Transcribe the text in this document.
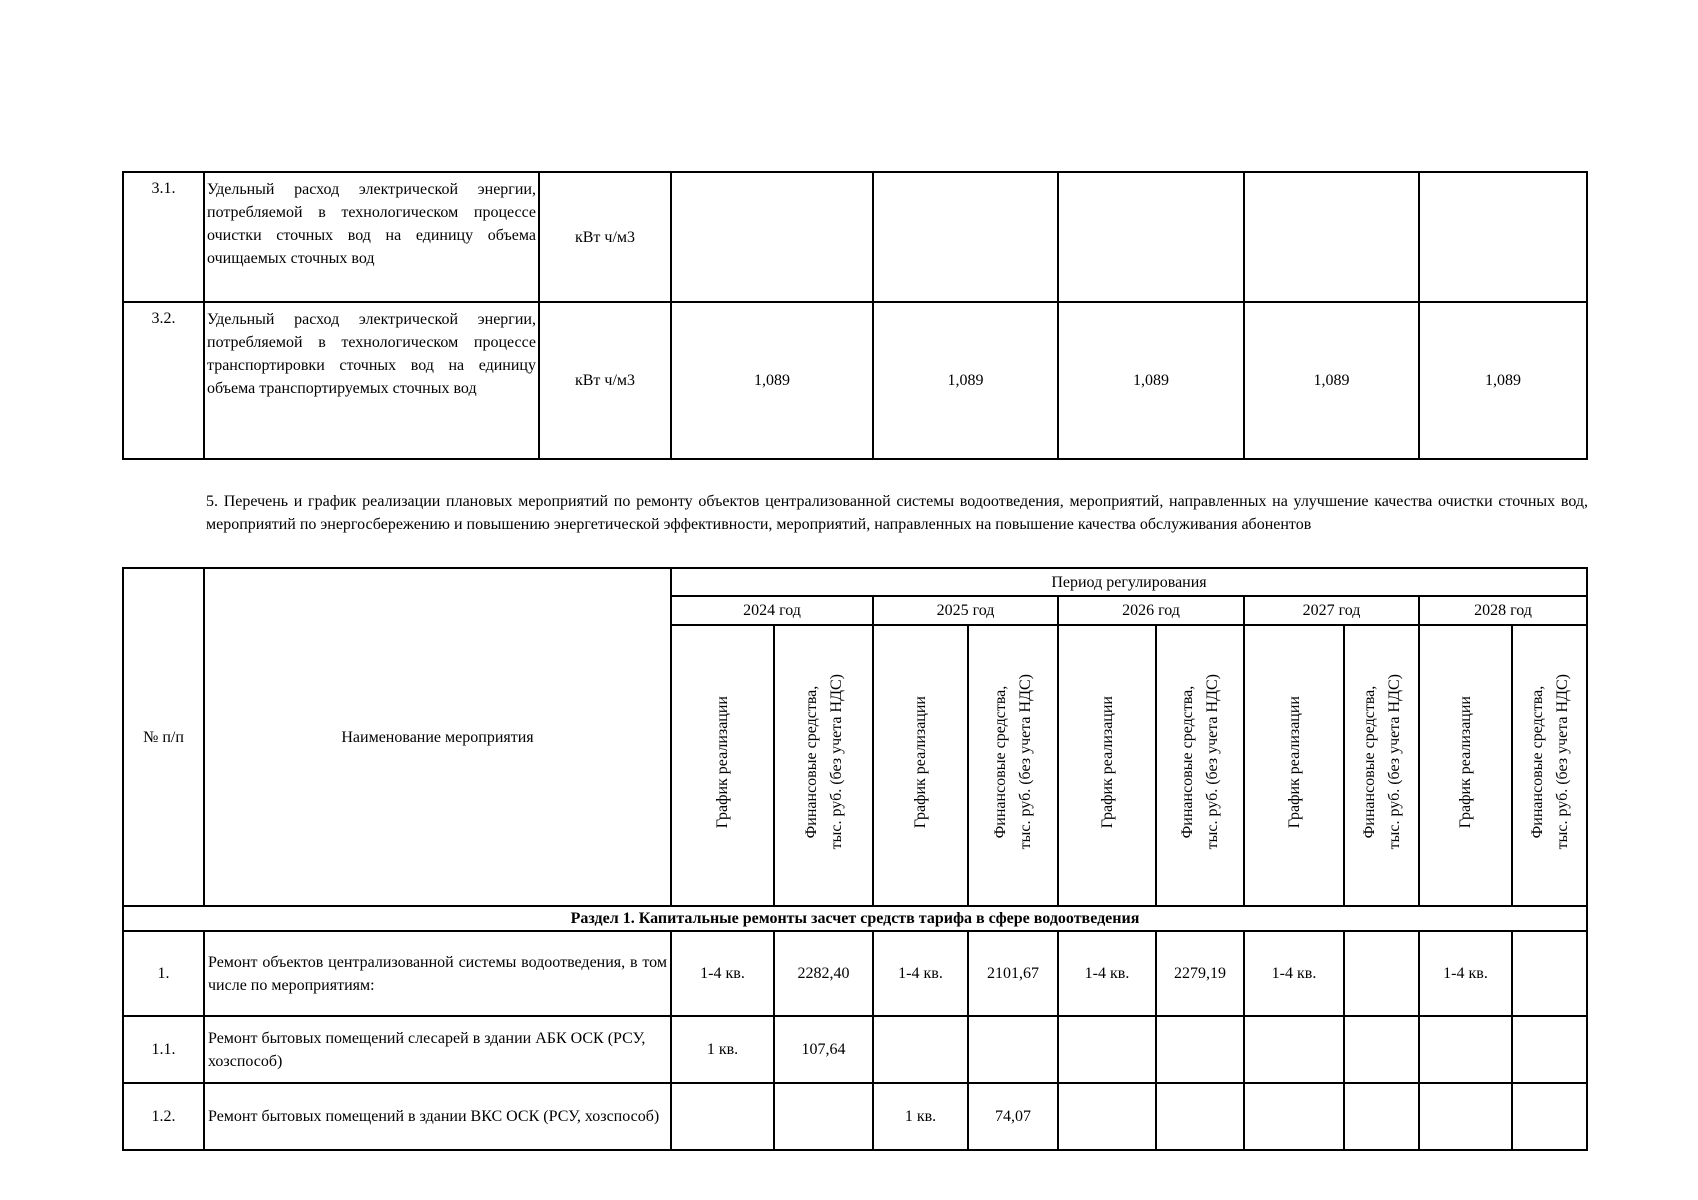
3.1.	Удельный расход электрической энергии, потребляемой в технологическом процессе очистки сточных вод на единицу объема очищаемых сточных вод	кВт ч/м3					
3.2.	Удельный расход электрической энергии, потребляемой в технологическом процессе транспортировки сточных вод на единицу объема транспортируемых сточных вод	кВт ч/м3	1,089	1,089	1,089	1,089	1,089

5. Перечень и график реализации плановых мероприятий по ремонту объектов централизованной системы водоотведения, мероприятий, направленных на улучшение качества очистки сточных вод, мероприятий по энергосбережению и повышению энергетической эффективности, мероприятий, направленных на повышение качества обслуживания абонентов

№ п/п	Наименование мероприятия	Период регулирования									
		2024 год		2025 год		2026 год		2027 год		2028 год	
		График реализации	Финансовые средства, тыс. руб. (без учета НДС)	График реализации	Финансовые средства, тыс. руб. (без учета НДС)	График реализации	Финансовые средства, тыс. руб. (без учета НДС)	График реализации	Финансовые средства, тыс. руб. (без учета НДС)	График реализации	Финансовые средства, тыс. руб. (без учета НДС)
Раздел 1. Капитальные ремонты засчет средств тарифа в сфере водоотведения											
1.	Ремонт объектов централизованной системы водоотведения, в том числе по мероприятиям:	1-4 кв.	2282,40	1-4 кв.	2101,67	1-4 кв.	2279,19	1-4 кв.		1-4 кв.	
1.1.	Ремонт бытовых помещений слесарей в здании АБК ОСК (РСУ, хозспособ)	1 кв.	107,64								
1.2.	Ремонт бытовых помещений в здании ВКС ОСК (РСУ, хозспособ)			1 кв.	74,07						
